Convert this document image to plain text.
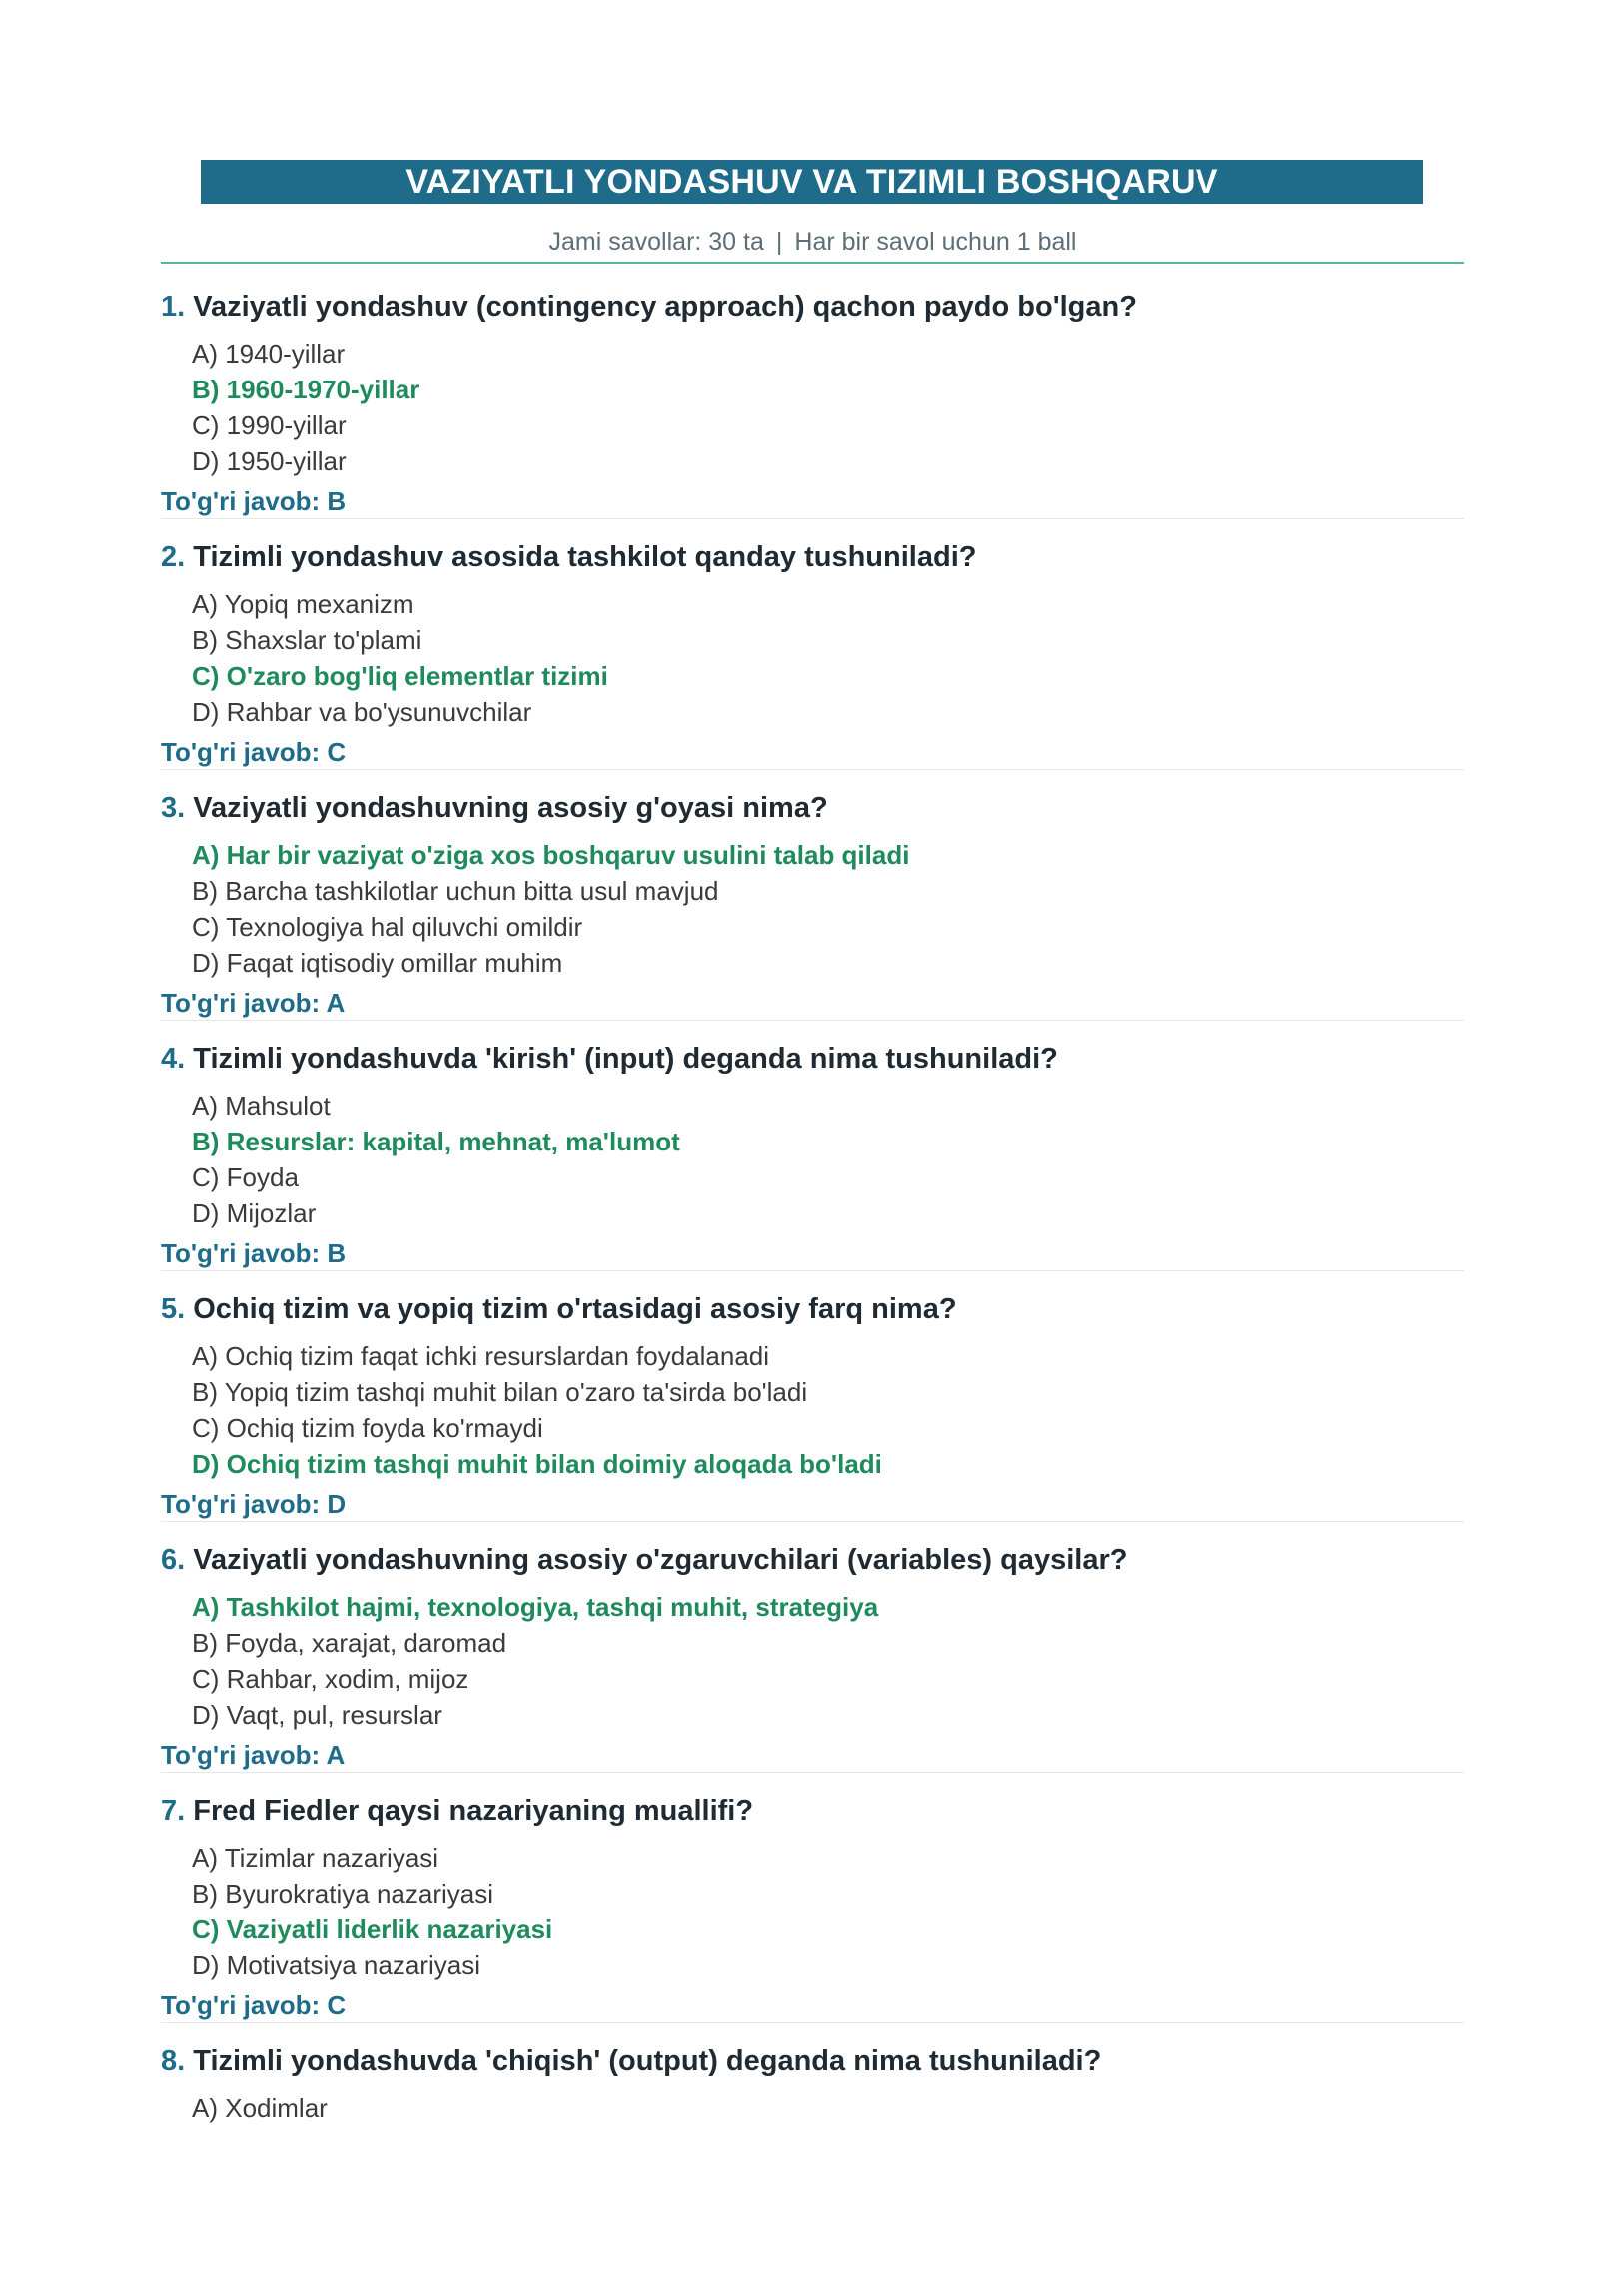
VAZIYATLI YONDASHUV VA TIZIMLI BOSHQARUV
Jami savollar: 30 ta | Har bir savol uchun 1 ball
1. Vaziyatli yondashuv (contingency approach) qachon paydo bo'lgan?
A) 1940-yillar
B) 1960-1970-yillar
C) 1990-yillar
D) 1950-yillar
To'g'ri javob: B
2. Tizimli yondashuv asosida tashkilot qanday tushuniladi?
A) Yopiq mexanizm
B) Shaxslar to'plami
C) O'zaro bog'liq elementlar tizimi
D) Rahbar va bo'ysunuvchilar
To'g'ri javob: C
3. Vaziyatli yondashuvning asosiy g'oyasi nima?
A) Har bir vaziyat o'ziga xos boshqaruv usulini talab qiladi
B) Barcha tashkilotlar uchun bitta usul mavjud
C) Texnologiya hal qiluvchi omildir
D) Faqat iqtisodiy omillar muhim
To'g'ri javob: A
4. Tizimli yondashuvda 'kirish' (input) deganda nima tushuniladi?
A) Mahsulot
B) Resurslar: kapital, mehnat, ma'lumot
C) Foyda
D) Mijozlar
To'g'ri javob: B
5. Ochiq tizim va yopiq tizim o'rtasidagi asosiy farq nima?
A) Ochiq tizim faqat ichki resurslardan foydalanadi
B) Yopiq tizim tashqi muhit bilan o'zaro ta'sirda bo'ladi
C) Ochiq tizim foyda ko'rmaydi
D) Ochiq tizim tashqi muhit bilan doimiy aloqada bo'ladi
To'g'ri javob: D
6. Vaziyatli yondashuvning asosiy o'zgaruvchilari (variables) qaysilar?
A) Tashkilot hajmi, texnologiya, tashqi muhit, strategiya
B) Foyda, xarajat, daromad
C) Rahbar, xodim, mijoz
D) Vaqt, pul, resurslar
To'g'ri javob: A
7. Fred Fiedler qaysi nazariyaning muallifi?
A) Tizimlar nazariyasi
B) Byurokratiya nazariyasi
C) Vaziyatli liderlik nazariyasi
D) Motivatsiya nazariyasi
To'g'ri javob: C
8. Tizimli yondashuvda 'chiqish' (output) deganda nima tushuniladi?
A) Xodimlar
